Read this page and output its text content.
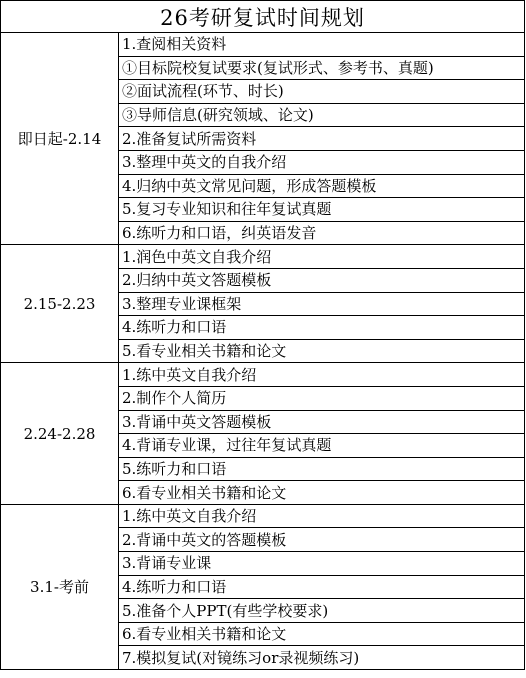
26考研复试时间规划	
即日起-2.14	1.查阅相关资料
	①目标院校复试要求(复试形式、参考书、真题)
	②面试流程(环节、时长)
	③导师信息(研究领域、论文)
	2.准备复试所需资料
	3.整理中英文的自我介绍
	4.归纳中英文常见问题，形成答题模板
	5.复习专业知识和往年复试真题
	6.练听力和口语，纠英语发音
2.15-2.23	1.润色中英文自我介绍
	2.归纳中英文答题模板
	3.整理专业课框架
	4.练听力和口语
	5.看专业相关书籍和论文
2.24-2.28	1.练中英文自我介绍
	2.制作个人简历
	3.背诵中英文答题模板
	4.背诵专业课，过往年复试真题
	5.练听力和口语
	6.看专业相关书籍和论文
3.1-考前	1.练中英文自我介绍
	2.背诵中英文的答题模板
	3.背诵专业课
	4.练听力和口语
	5.准备个人PPT(有些学校要求)
	6.看专业相关书籍和论文
	7.模拟复试(对镜练习or录视频练习)
